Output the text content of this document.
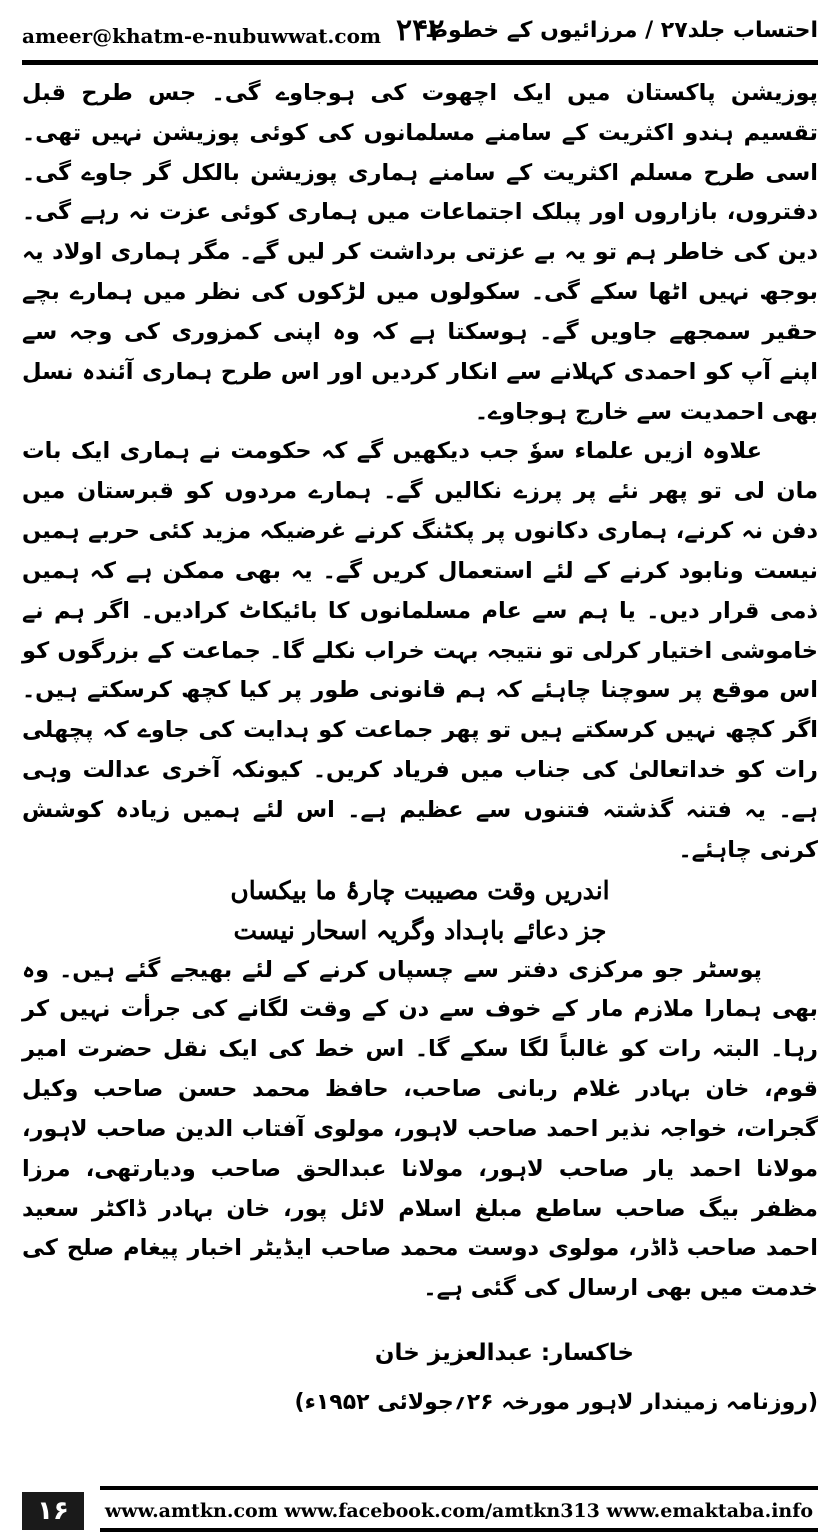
ameer@khatm-e-nubuwwat.com ۲۴۲
احتساب جلد۲۷ / مرزائیوں کے خطوط

پوزیشن پاکستان میں ایک اچھوت کی ہوجاوے گی۔ جس طرح قبل تقسیم ہندو اکثریت کے سامنے مسلمانوں کی کوئی پوزیشن نہیں تھی۔ اسی طرح مسلم اکثریت کے سامنے ہماری پوزیشن بالکل گر جاوے گی۔ دفتروں، بازاروں اور پبلک اجتماعات میں ہماری کوئی عزت نہ رہے گی۔ دین کی خاطر ہم تو یہ بے عزتی برداشت کر لیں گے۔ مگر ہماری اولاد یہ بوجھ نہیں اٹھا سکے گی۔ سکولوں میں لڑکوں کی نظر میں ہمارے بچے حقیر سمجھے جاویں گے۔ ہوسکتا ہے کہ وہ اپنی کمزوری کی وجہ سے اپنے آپ کو احمدی کہلانے سے انکار کردیں اور اس طرح ہماری آئندہ نسل بھی احمدیت سے خارج ہوجاوے۔

علاوہ ازیں علماء سوٗ جب دیکھیں گے کہ حکومت نے ہماری ایک بات مان لی تو پھر نئے پر پرزے نکالیں گے۔ ہمارے مردوں کو قبرستان میں دفن نہ کرنے، ہماری دکانوں پر پکٹنگ کرنے غرضیکہ مزید کئی حربے ہمیں نیست ونابود کرنے کے لئے استعمال کریں گے۔ یہ بھی ممکن ہے کہ ہمیں ذمی قرار دیں۔ یا ہم سے عام مسلمانوں کا بائیکاٹ کرادیں۔ اگر ہم نے خاموشی اختیار کرلی تو نتیجہ بہت خراب نکلے گا۔ جماعت کے بزرگوں کو اس موقع پر سوچنا چاہئے کہ ہم قانونی طور پر کیا کچھ کرسکتے ہیں۔ اگر کچھ نہیں کرسکتے ہیں تو پھر جماعت کو ہدایت کی جاوے کہ پچھلی رات کو خداتعالیٰ کی جناب میں فریاد کریں۔ کیونکہ آخری عدالت وہی ہے۔ یہ فتنہ گذشتہ فتنوں سے عظیم ہے۔ اس لئے ہمیں زیادہ کوشش کرنی چاہئے۔

اندریں وقت مصیبت چارۂ ما بیکساں
جز دعائے باہداد وگریہ اسحار نیست

پوسٹر جو مرکزی دفتر سے چسپاں کرنے کے لئے بھیجے گئے ہیں۔ وہ بھی ہمارا ملازم مار کے خوف سے دن کے وقت لگانے کی جرأت نہیں کر رہا۔ البتہ رات کو غالباً لگا سکے گا۔ اس خط کی ایک نقل حضرت امیر قوم، خان بہادر غلام ربانی صاحب، حافظ محمد حسن صاحب وکیل گجرات، خواجہ نذیر احمد صاحب لاہور، مولوی آفتاب الدین صاحب لاہور، مولانا احمد یار صاحب لاہور، مولانا عبدالحق صاحب ودیارتھی، مرزا مظفر بیگ صاحب ساطع مبلغ اسلام لائل پور، خان بہادر ڈاکٹر سعید احمد صاحب ڈاڈر، مولوی دوست محمد صاحب ایڈیٹر اخبار پیغام صلح کی خدمت میں بھی ارسال کی گئی ہے۔

خاکسار: عبدالعزیز خان
(روزنامہ زمیندار لاہور مورخہ ۲۶؍جولائی ۱۹۵۲ء)
۱۶	www.amtkn.com www.facebook.com/amtkn313 www.emaktaba.info
